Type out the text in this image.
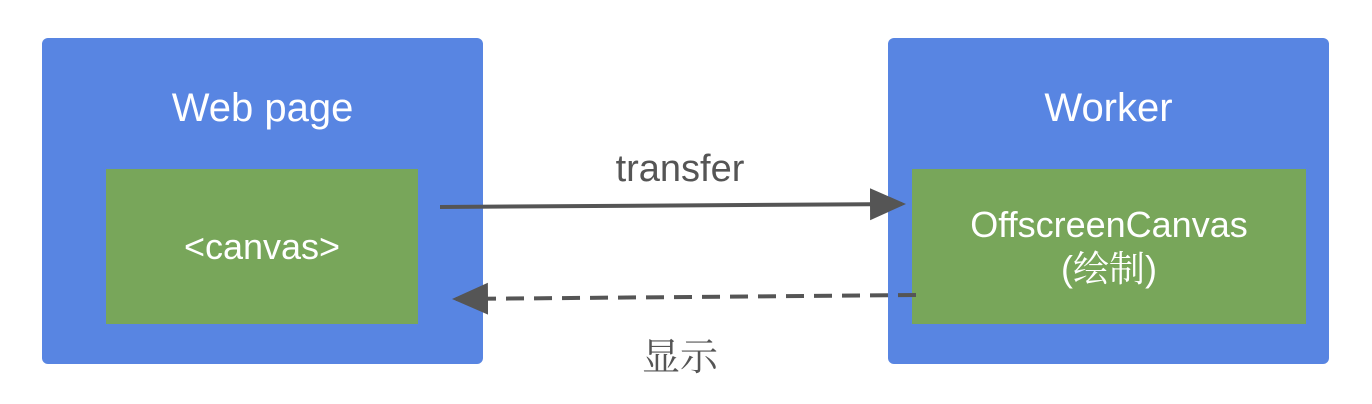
Web page
<canvas>
Worker
OffscreenCanvas
(绘制)
transfer
显示
